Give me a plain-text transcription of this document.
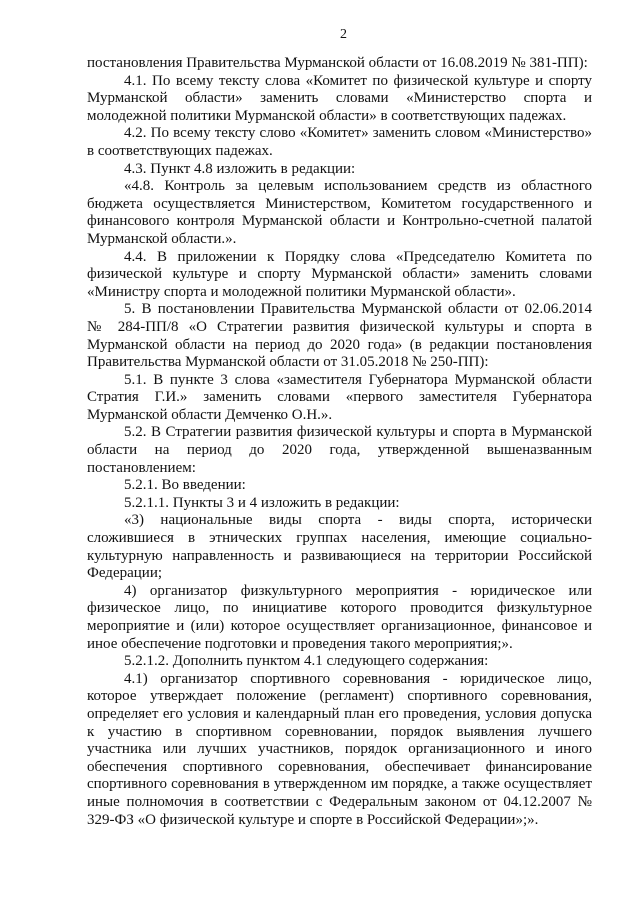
2

постановления Правительства Мурманской области от 16.08.2019 № 381-ПП):

4.1. По всему тексту слова «Комитет по физической культуре и спорту Мурманской области» заменить словами «Министерство спорта и молодежной политики Мурманской области» в соответствующих падежах.

4.2. По всему тексту слово «Комитет» заменить словом «Министерство» в соответствующих падежах.

4.3. Пункт 4.8 изложить в редакции:

«4.8. Контроль за целевым использованием средств из областного бюджета осуществляется Министерством, Комитетом государственного и финансового контроля Мурманской области и Контрольно-счетной палатой Мурманской области.».

4.4. В приложении к Порядку слова «Председателю Комитета по физической культуре и спорту Мурманской области» заменить словами «Министру спорта и молодежной политики Мурманской области».

5. В постановлении Правительства Мурманской области от 02.06.2014 № 284-ПП/8 «О Стратегии развития физической культуры и спорта в Мурманской области на период до 2020 года» (в редакции постановления Правительства Мурманской области от 31.05.2018 № 250-ПП):

5.1. В пункте 3 слова «заместителя Губернатора Мурманской области Стратия Г.И.» заменить словами «первого заместителя Губернатора Мурманской области Демченко О.Н.».

5.2. В Стратегии развития физической культуры и спорта в Мурманской области на период до 2020 года, утвержденной вышеназванным постановлением:

5.2.1. Во введении:

5.2.1.1. Пункты 3 и 4 изложить в редакции:

«3) национальные виды спорта - виды спорта, исторически сложившиеся в этнических группах населения, имеющие социально-культурную направленность и развивающиеся на территории Российской Федерации;

4) организатор физкультурного мероприятия - юридическое или физическое лицо, по инициативе которого проводится физкультурное мероприятие и (или) которое осуществляет организационное, финансовое и иное обеспечение подготовки и проведения такого мероприятия;».

5.2.1.2. Дополнить пунктом 4.1 следующего содержания:

4.1) организатор спортивного соревнования - юридическое лицо, которое утверждает положение (регламент) спортивного соревнования, определяет его условия и календарный план его проведения, условия допуска к участию в спортивном соревновании, порядок выявления лучшего участника или лучших участников, порядок организационного и иного обеспечения спортивного соревнования, обеспечивает финансирование спортивного соревнования в утвержденном им порядке, а также осуществляет иные полномочия в соответствии с Федеральным законом от 04.12.2007 № 329-ФЗ «О физической культуре и спорте в Российской Федерации»;».
